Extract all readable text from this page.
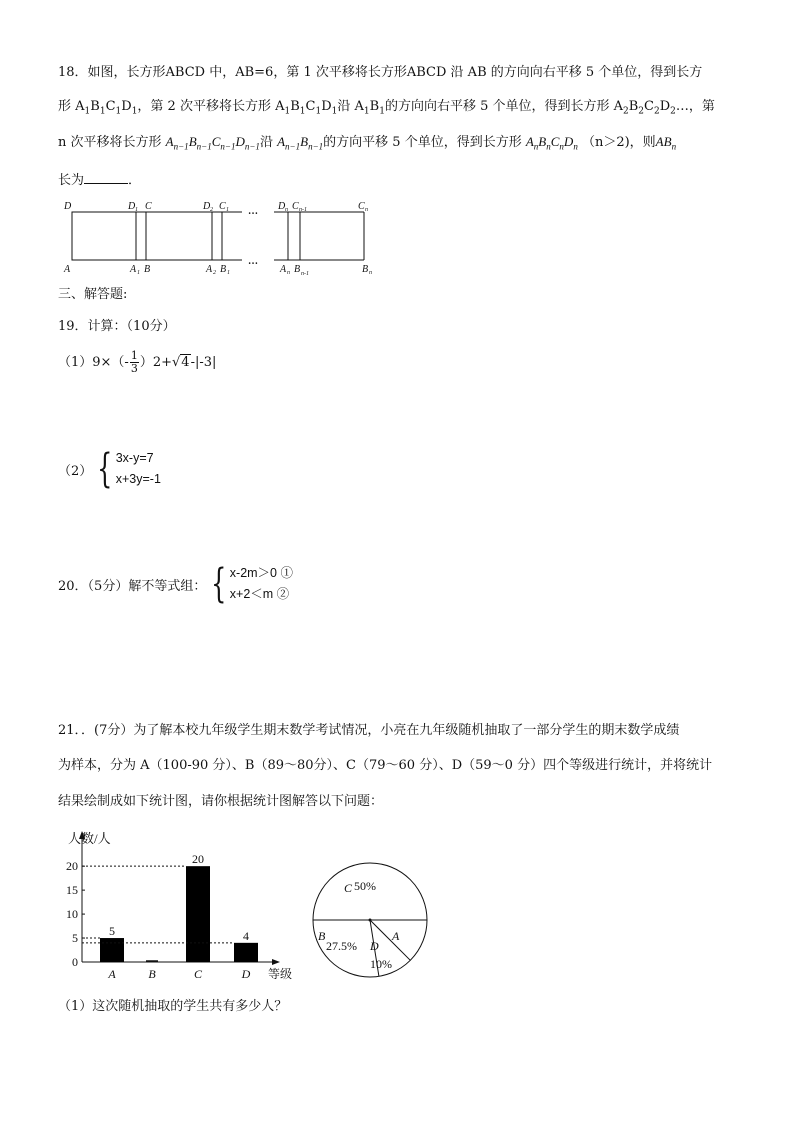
18．如图，长方形ABCD 中，AB=6，第 1 次平移将长方形ABCD 沿 AB 的方向向右平移 5 个单位，得到长方
形 $A_1B_1C_1D_1$，第 2 次平移将长方形 $A_1B_1C_1D_1$沿 $A_1B_1$的方向向右平移 5 个单位，得到长方形 $A_2B_2C_2D_2\dots$，第
n 次平移将长方形 $A_{n-1}B_{n-1}C_{n-1}D_{n-1}$沿 $A_{n-1}B_{n-1}$的方向平移 5 个单位，得到长方形 $A_nB_nC_nD_n$ （n＞2)，则$AB_n$
长为	．
D	D 1 C	D 2 C 1 … D n C n-1	C n
A	A 1 B	A 2 B 1
…
A n B n-1	B n
三、解答题:
19．计算：（10分）
$(1)9\times(- \frac{1}{3} )2+√4-|-3|$
（2） { 3x-y=7
x+3y=-1
20．（5分）解不等式组： { x-2m＞0 ①
x+2＜m ②
21．．(7分）为了解本校九年级学生期末数学考试情况，小亮在九年级随机抽取了一部分学生的期末数学成绩
为样本，分为 A（100-90 分）、B（89～80分）、C（79～60 分）、D（59～0 分）四个等级进行统计，并将统计
结果绘制成如下统计图，请你根据统计图解答以下问题：
人数/人
等级
0
5
10
15
20
5
A	B
20
C
4
D
C 50%
B
27.5% D
10%
A
（1）这次随机抽取的学生共有多少人？
